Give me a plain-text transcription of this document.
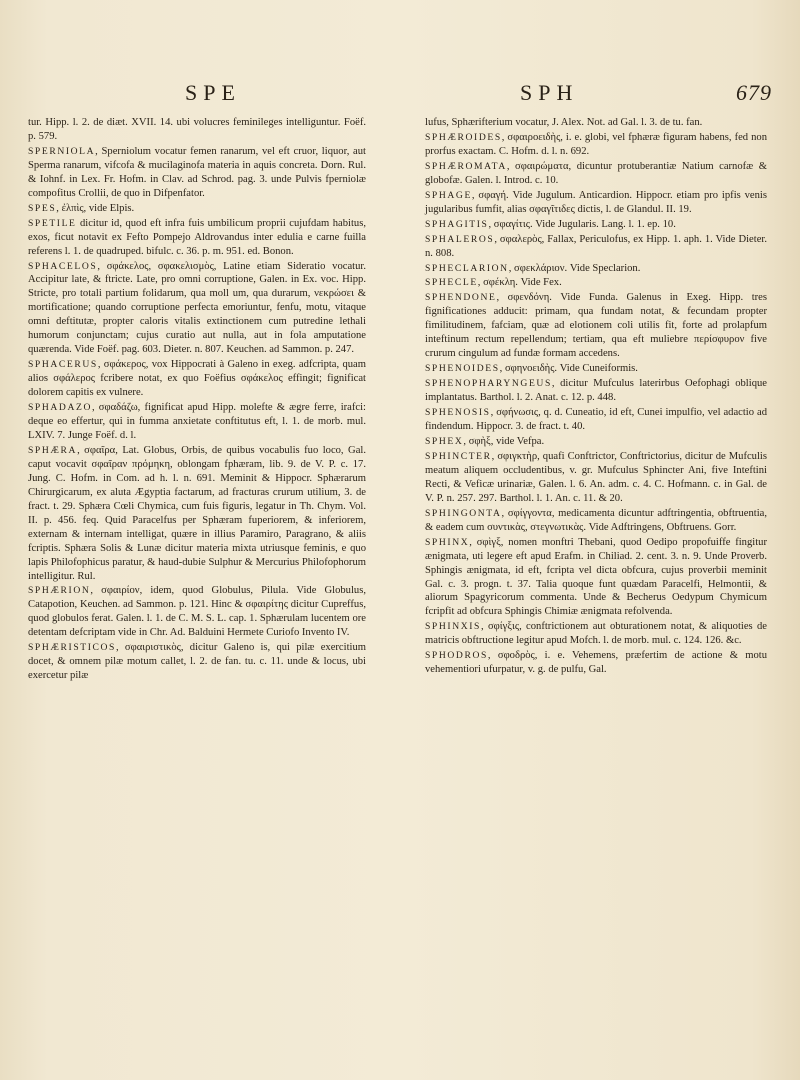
SPE	SPH	679
tur. Hipp. l. 2. de diæt. XVII. 14. ubi volucres feminileges intelliguntur. Foëf. p. 579.
SPERNIOLA, Sperniolum vocatur femen ranarum, vel eft cruor, liquor, aut Sperma ranarum, vifcofa & mucilaginofa materia in aquis concreta. Dorn. Rul. & Iohnf. in Lex. Fr. Hofm. in Clav. ad Schrod. pag. 3. unde Pulvis fperniolæ compofitus Crollii, de quo in Difpenfator.
SPES, ἐλπὶς, vide Elpis.
SPETILE dicitur id, quod eft infra fuis umbilicum proprii cujufdam habitus, exos, ficut notavit ex Fefto Pompejo Aldrovandus inter edulia e carne fuilla referens l. 1. de quadruped. bifulc. c. 36. p. m. 951. ed. Bonon.
SPHACELOS, σφάκελος, σφακελισμὸς, Latine etiam Sideratio vocatur. Accipitur late, & ftricte. Late, pro omni corruptione, Galen. in Ex. voc. Hipp. Stricte, pro totali partium folidarum, qua moll um, qua durarum, νεκρώσει & mortificatione; quando corruptione perfecta emoriuntur, fenfu, motu, vitaque omni deftitutæ, propter caloris vitalis extinctionem cum putredine lethali humorum conjunctam; cujus curatio aut nulla, aut in fola amputatione quærenda. Vide Foëf. pag. 603. Dieter. n. 807. Keuchen. ad Sammon. p. 247.
SPHACERUS, σφάκερος, vox Hippocrati à Galeno in exeg. adfcripta, quam alios σφάλερος fcribere notat, ex quo Foëfius σφάκελος effingit; fignificat dolorem capitis ex vulnere.
SPHADAZO, σφαδάζω, fignificat apud Hipp. molefte & ægre ferre, irafci: deque eo effertur, qui in fumma anxietate conftitutus eft, l. 1. de morb. mul. LXIV. 7. Junge Foëf. d. l.
SPHÆRA, σφαῖρα, Lat. Globus, Orbis, de quibus vocabulis fuo loco, Gal. caput vocavit σφαῖραν πρόμηκη, oblongam fphæram, lib. 9. de V. P. c. 17. Jung. C. Hofm. in Com. ad h. l. n. 691. Meminit & Hippocr. Sphærarum Chirurgicarum, ex aluta Ægyptia factarum, ad fracturas crurum utilium, 3. de fract. t. 29. Sphæra Cœli Chymica, cum fuis figuris, legatur in Th. Chym. Vol. II. p. 456. feq. Quid Paracelfus per Sphæram fuperiorem, & inferiorem, externam & internam intelligat, quære in illius Paramiro, Paragrano, & aliis fcriptis. Sphæra Solis & Lunæ dicitur materia mixta utriusque feminis, e quo lapis Philofophicus paratur, & haud-dubie Sulphur & Mercurius Philofophorum intelligitur. Rul.
SPHÆRION, σφαιρίον, idem, quod Globulus, Pilula. Vide Globulus, Catapotion, Keuchen. ad Sammon. p. 121. Hinc & σφαιρίτης dicitur Cupreffus, quod globulos ferat. Galen. l. 1. de C. M. S. L. cap. 1. Sphærulam lucentem ore detentam defcriptam vide in Chr. Ad. Balduini Hermete Curiofo Invento IV.
SPHÆRISTICOS, σφαιριστικὸς, dicitur Galeno is, qui pilæ exercitium docet, & omnem pilæ motum callet, l. 2. de fan. tu. c. 11. unde & locus, ubi exercetur pilæ
lufus, Sphærifterium vocatur, J. Alex. Not. ad Gal. l. 3. de tu. fan.
SPHÆROIDES, σφαιροειδὴς, i. e. globi, vel fphæræ figuram habens, fed non prorfus exactam. C. Hofm. d. l. n. 692.
SPHÆROMATA, σφαιρώματα, dicuntur protuberantiæ Natium carnofæ & globofæ. Galen. l. Introd. c. 10.
SPHAGE, σφαγή. Vide Jugulum. Anticardion. Hippocr. etiam pro ipfis venis jugularibus fumfit, alias σφαγῖτιδες dictis, l. de Glandul. II. 19.
SPHAGITIS, σφαγίτις. Vide Jugularis. Lang. l. 1. ep. 10.
SPHALEROS, σφαλερὸς, Fallax, Periculofus, ex Hipp. 1. aph. 1. Vide Dieter. n. 808.
SPHECLARION, σφεκλάριον. Vide Speclarion.
SPHECLE, σφέκλη. Vide Fex.
SPHENDONE, σφενδόνη. Vide Funda. Galenus in Exeg. Hipp. tres fignificationes adducit: primam, qua fundam notat, & fecundam propter fimilitudinem, fafciam, quæ ad elotionem coli utilis fit, forte ad prolapfum inteftinum rectum repellendum; tertiam, qua eft muliebre περίσφυρον five crurum cingulum ad fundæ formam accedens.
SPHENOIDES, σφηνοειδὴς. Vide Cuneiformis.
SPHENOPHARYNGEUS, dicitur Mufculus laterirbus Oefophagi oblique implantatus. Barthol. l. 2. Anat. c. 12. p. 448.
SPHENOSIS, σφήνωσις, q. d. Cuneatio, id eft, Cunei impulfio, vel adactio ad findendum. Hippocr. 3. de fract. t. 40.
SPHEX, σφὴξ, vide Vefpa.
SPHINCTER, σφιγκτὴρ, quafi Conftrictor, Conftrictorius, dicitur de Mufculis meatum aliquem occludentibus, v. gr. Mufculus Sphincter Ani, five Inteftini Recti, & Veficæ urinariæ, Galen. l. 6. An. adm. c. 4. C. Hofmann. c. in Gal. de V. P. n. 257. 297. Barthol. l. 1. An. c. 11. & 20.
SPHINGONTA, σφίγγοντα, medicamenta dicuntur adftringentia, obftruentia, & eadem cum συντικὰς, στεγνωτικὰς. Vide Adftringens, Obftruens. Gorr.
SPHINX, σφὶγξ, nomen monftri Thebani, quod Oedipo propofuiffe fingitur ænigmata, uti legere eft apud Erafm. in Chiliad. 2. cent. 3. n. 9. Unde Proverb. Sphingis ænigmata, id eft, fcripta vel dicta obfcura, cujus proverbii meminit Gal. c. 3. progn. t. 37. Talia quoque funt quædam Paracelfi, Helmontii, & aliorum Spagyricorum commenta. Unde & Becherus Oedypum Chymicum fcripfit ad obfcura Sphingis Chimiæ ænigmata refolvenda.
SPHINXIS, σφίγξις, conftrictionem aut obturationem notat, & aliquoties de matricis obftructione legitur apud Mofch. l. de morb. mul. c. 124. 126. &c.
SPHODROS, σφοδρὸς, i. e. Vehemens, præfertim de actione & motu vehementiori ufurpatur, v. g. de pulfu, Gal.
